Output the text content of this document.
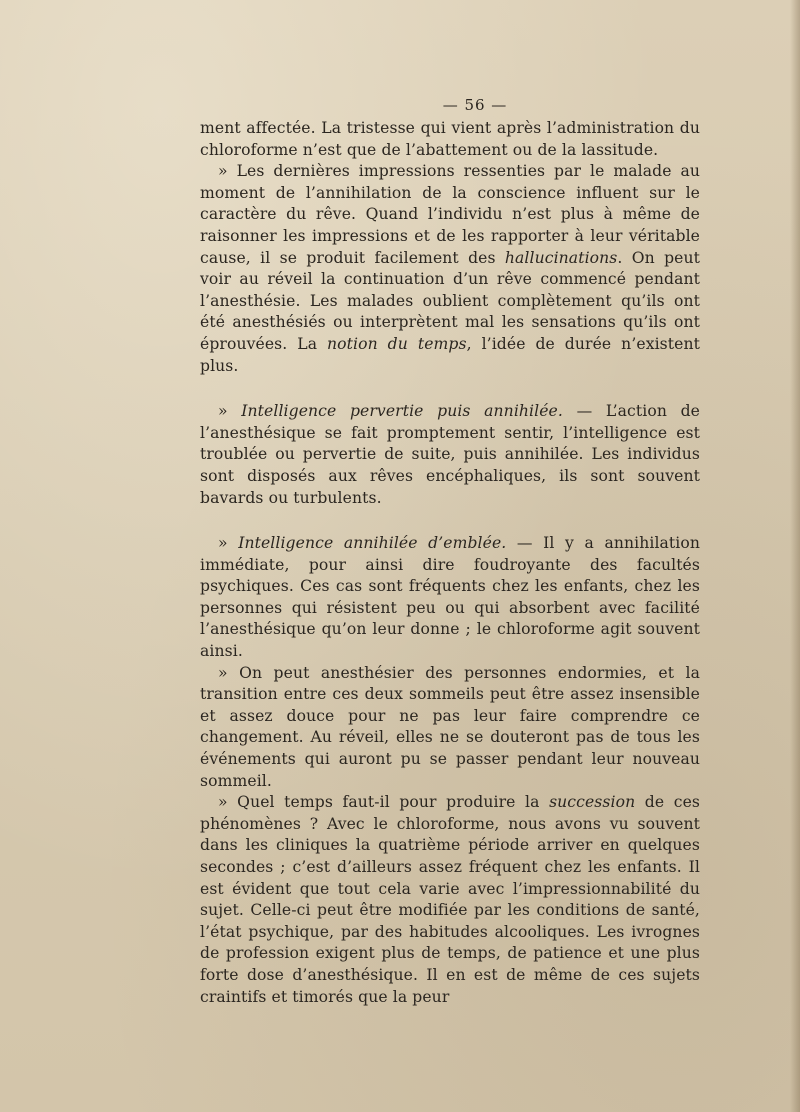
— 56 —

ment affectée. La tristesse qui vient après l’administration du chloroforme n’est que de l’abattement ou de la lassitude.

» Les dernières impressions ressenties par le malade au moment de l’annihilation de la conscience influent sur le caractère du rêve. Quand l’individu n’est plus à même de raisonner les impressions et de les rapporter à leur véritable cause, il se produit facilement des hallucinations. On peut voir au réveil la continuation d’un rêve commencé pendant l’anesthésie. Les malades oublient complètement qu’ils ont été anesthésiés ou interprètent mal les sensations qu’ils ont éprouvées. La notion du temps, l’idée de durée n’existent plus.

» Intelligence pervertie puis annihilée. — L’action de l’anesthésique se fait promptement sentir, l’intelligence est troublée ou pervertie de suite, puis annihilée. Les individus sont disposés aux rêves encéphaliques, ils sont souvent bavards ou turbulents.

» Intelligence annihilée d’emblée. — Il y a annihilation immédiate, pour ainsi dire foudroyante des facultés psychiques. Ces cas sont fréquents chez les enfants, chez les personnes qui résistent peu ou qui absorbent avec facilité l’anesthésique qu’on leur donne ; le chloroforme agit souvent ainsi.

» On peut anesthésier des personnes endormies, et la transition entre ces deux sommeils peut être assez insensible et assez douce pour ne pas leur faire comprendre ce changement. Au réveil, elles ne se douteront pas de tous les événements qui auront pu se passer pendant leur nouveau sommeil.

» Quel temps faut-il pour produire la succession de ces phénomènes ? Avec le chloroforme, nous avons vu souvent dans les cliniques la quatrième période arriver en quelques secondes ; c’est d’ailleurs assez fréquent chez les enfants. Il est évident que tout cela varie avec l’impressionnabilité du sujet. Celle-ci peut être modifiée par les conditions de santé, l’état psychique, par des habitudes alcooliques. Les ivrognes de profession exigent plus de temps, de patience et une plus forte dose d’anesthésique. Il en est de même de ces sujets craintifs et timorés que la peur
